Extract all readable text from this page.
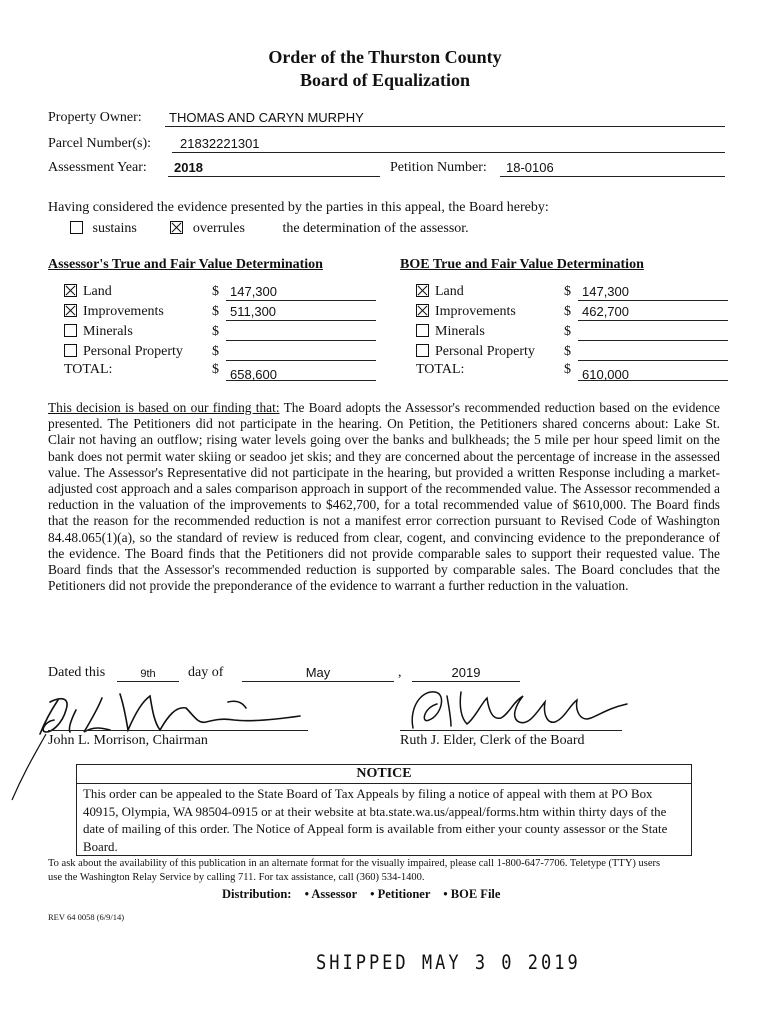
Order of the Thurston County
Board of Equalization
Property Owner:	THOMAS AND CARYN MURPHY
Parcel Number(s):	21832221301
Assessment Year:	2018	Petition Number:	18-0106
Having considered the evidence presented by the parties in this appeal, the Board hereby:
sustains	overrules	the determination of the assessor.
Assessor's True and Fair Value Determination
Land	$ 147,300
Improvements	$ 511,300
Minerals	$
Personal Property $
TOTAL:	$ 658,600
BOE True and Fair Value Determination
Land	$ 147,300
Improvements	$ 462,700
Minerals	$
Personal Property $
TOTAL:	$ 610,000
This decision is based on our finding that: The Board adopts the Assessor's recommended reduction based on the evidence presented. The Petitioners did not participate in the hearing. On Petition, the Petitioners shared concerns about: Lake St. Clair not having an outflow; rising water levels going over the banks and bulkheads; the 5 mile per hour speed limit on the bank does not permit water skiing or seadoo jet skis; and they are concerned about the percentage of increase in the assessed value. The Assessor's Representative did not participate in the hearing, but provided a written Response including a market-adjusted cost approach and a sales comparison approach in support of the recommended value. The Assessor recommended a reduction in the valuation of the improvements to $462,700, for a total recommended value of $610,000. The Board finds that the reason for the recommended reduction is not a manifest error correction pursuant to Revised Code of Washington 84.48.065(1)(a), so the standard of review is reduced from clear, cogent, and convincing evidence to the preponderance of the evidence. The Board finds that the Petitioners did not provide comparable sales to support their requested value. The Board finds that the Assessor's recommended reduction is supported by comparable sales. The Board concludes that the Petitioners did not provide the preponderance of the evidence to warrant a further reduction in the valuation.
Dated this	9th	day of	May	,	2019
John L. Morrison, Chairman	Ruth J. Elder, Clerk of the Board
NOTICE
This order can be appealed to the State Board of Tax Appeals by filing a notice of appeal with them at PO Box 40915, Olympia, WA 98504-0915 or at their website at bta.state.wa.us/appeal/forms.htm within thirty days of the date of mailing of this order. The Notice of Appeal form is available from either your county assessor or the State Board.
To ask about the availability of this publication in an alternate format for the visually impaired, please call 1-800-647-7706. Teletype (TTY) users use the Washington Relay Service by calling 711. For tax assistance, call (360) 534-1400.
Distribution: • Assessor • Petitioner • BOE File
REV 64 0058 (6/9/14)
SHIPPED MAY 3 0 2019
